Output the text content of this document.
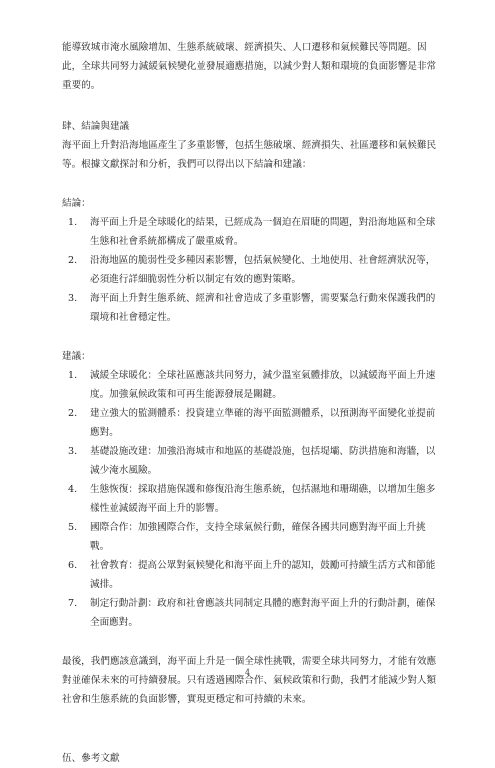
能導致城市淹水風險增加、生態系統破壞、經濟損失、人口遷移和氣候難民等問題。因此，全球共同努力減緩氣候變化並發展適應措施，以減少對人類和環境的負面影響是非常重要的。

肆、結論與建議

海平面上升對沿海地區產生了多重影響，包括生態破壞、經濟損失、社區遷移和氣候難民等。根據文獻探討和分析，我們可以得出以下結論和建議：

結論：

1. 海平面上升是全球暖化的結果，已經成為一個迫在眉睫的問題，對沿海地區和全球生態和社會系統都構成了嚴重威脅。
2. 沿海地區的脆弱性受多種因素影響，包括氣候變化、土地使用、社會經濟狀況等，必須進行詳細脆弱性分析以制定有效的應對策略。
3. 海平面上升對生態系統、經濟和社會造成了多重影響，需要緊急行動來保護我們的環境和社會穩定性。

建議：

1. 減緩全球暖化：全球社區應該共同努力，減少溫室氣體排放，以減緩海平面上升速度。加強氣候政策和可再生能源發展是關鍵。
2. 建立強大的監測體系：投資建立準確的海平面監測體系，以預測海平面變化並提前應對。
3. 基礎設施改建：加強沿海城市和地區的基礎設施，包括堤壩、防洪措施和海牆，以減少淹水風險。
4. 生態恢復：採取措施保護和修復沿海生態系統，包括濕地和珊瑚礁，以增加生態多樣性並減緩海平面上升的影響。
5. 國際合作：加強國際合作，支持全球氣候行動，確保各國共同應對海平面上升挑戰。
6. 社會教育：提高公眾對氣候變化和海平面上升的認知，鼓勵可持續生活方式和節能減排。
7. 制定行動計劃：政府和社會應該共同制定具體的應對海平面上升的行動計劃，確保全面應對。

最後，我們應該意識到，海平面上升是一個全球性挑戰，需要全球共同努力，才能有效應對並確保未來的可持續發展。只有透過國際合作、氣候政策和行動，我們才能減少對人類社會和生態系統的負面影響，實現更穩定和可持續的未來。

伍、參考文獻

4
